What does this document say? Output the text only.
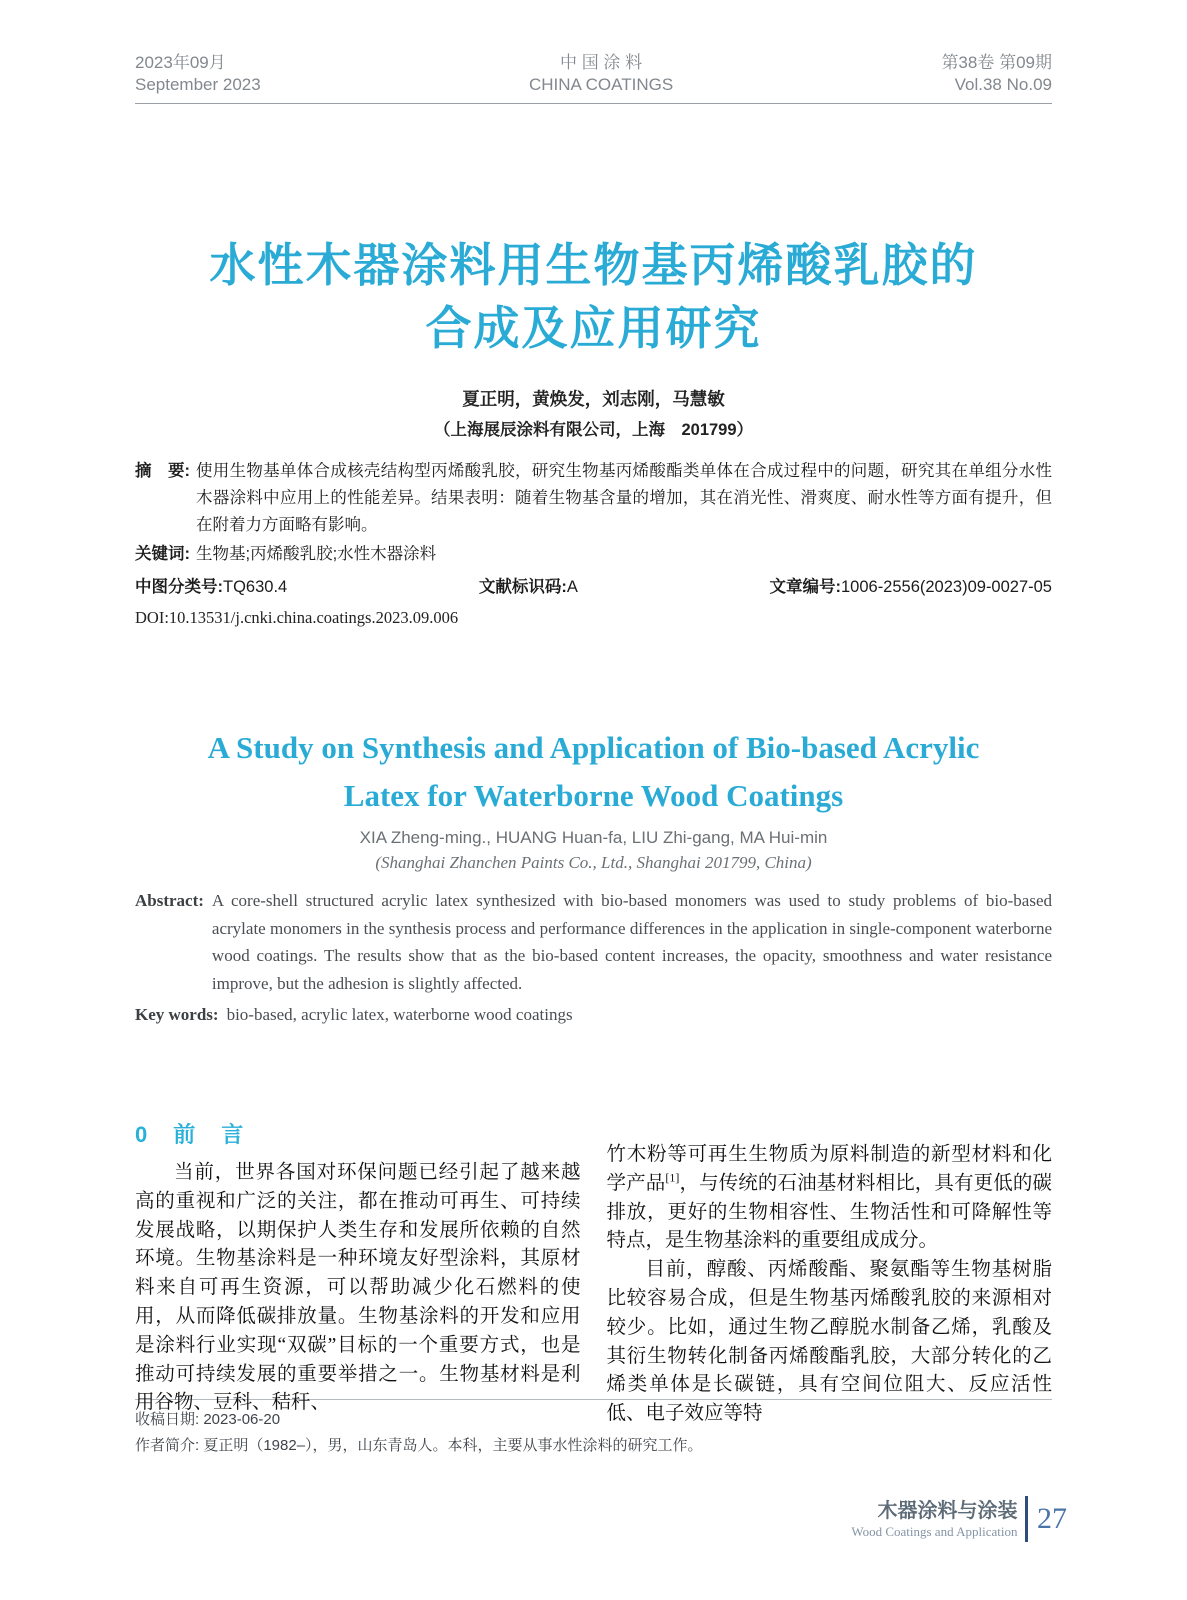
2023年09月
September 2023
中 国 涂 料
CHINA COATINGS
第38卷 第09期
Vol.38 No.09
水性木器涂料用生物基丙烯酸乳胶的
合成及应用研究
夏正明，黄焕发，刘志刚，马慧敏
（上海展辰涂料有限公司，上海　201799）
摘　要: 使用生物基单体合成核壳结构型丙烯酸乳胶，研究生物基丙烯酸酯类单体在合成过程中的问题，研究其在单组分水性木器涂料中应用上的性能差异。结果表明：随着生物基含量的增加，其在消光性、滑爽度、耐水性等方面有提升，但在附着力方面略有影响。
关键词: 生物基;丙烯酸乳胶;水性木器涂料
中图分类号:TQ630.4	文献标识码:A	文章编号:1006-2556(2023)09-0027-05
DOI:10.13531/j.cnki.china.coatings.2023.09.006
A Study on Synthesis and Application of Bio-based Acrylic
Latex for Waterborne Wood Coatings
XIA Zheng-ming., HUANG Huan-fa, LIU Zhi-gang, MA Hui-min
(Shanghai Zhanchen Paints Co., Ltd., Shanghai 201799, China)
Abstract: A core-shell structured acrylic latex synthesized with bio-based monomers was used to study problems of bio-based acrylate monomers in the synthesis process and performance differences in the application in single-component waterborne wood coatings. The results show that as the bio-based content increases, the opacity, smoothness and water resistance improve, but the adhesion is slightly affected.
Key words: bio-based, acrylic latex, waterborne wood coatings
0 前言

当前，世界各国对环保问题已经引起了越来越高的重视和广泛的关注，都在推动可再生、可持续发展战略，以期保护人类生存和发展所依赖的自然环境。生物基涂料是一种环境友好型涂料，其原材料来自可再生资源，可以帮助减少化石燃料的使用，从而降低碳排放量。生物基涂料的开发和应用是涂料行业实现“双碳”目标的一个重要方式，也是推动可持续发展的重要举措之一。生物基材料是利用谷物、豆科、秸秆、

竹木粉等可再生生物质为原料制造的新型材料和化学产品[1]，与传统的石油基材料相比，具有更低的碳排放，更好的生物相容性、生物活性和可降解性等特点，是生物基涂料的重要组成成分。

目前，醇酸、丙烯酸酯、聚氨酯等生物基树脂比较容易合成，但是生物基丙烯酸乳胶的来源相对较少。比如，通过生物乙醇脱水制备乙烯，乳酸及其衍生物转化制备丙烯酸酯乳胶，大部分转化的乙烯类单体是长碳链，具有空间位阻大、反应活性低、电子效应等特

收稿日期: 2023-06-20
作者简介: 夏正明（1982–），男，山东青岛人。本科，主要从事水性涂料的研究工作。
木器涂料与涂装
Wood Coatings and Application 27
